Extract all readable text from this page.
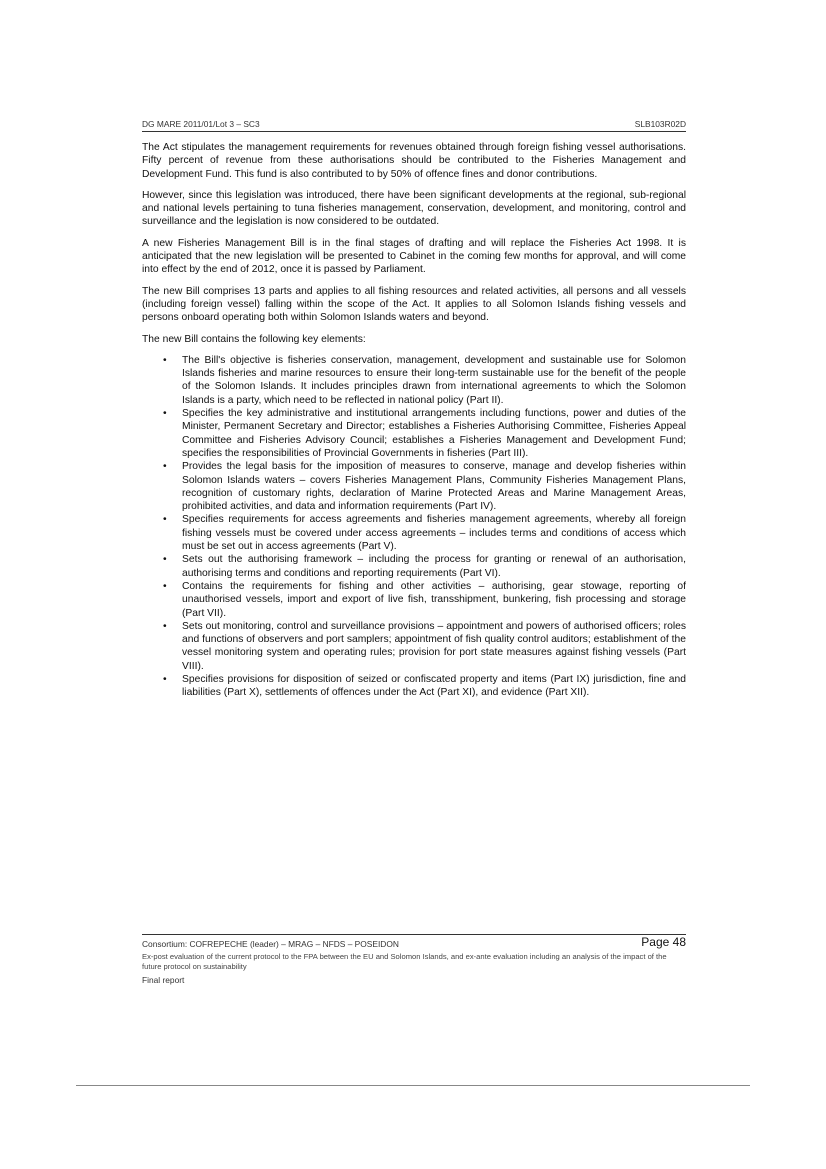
DG MARE 2011/01/Lot 3 – SC3	SLB103R02D

The Act stipulates the management requirements for revenues obtained through foreign fishing vessel authorisations. Fifty percent of revenue from these authorisations should be contributed to the Fisheries Management and Development Fund. This fund is also contributed to by 50% of offence fines and donor contributions.

However, since this legislation was introduced, there have been significant developments at the regional, sub-regional and national levels pertaining to tuna fisheries management, conservation, development, and monitoring, control and surveillance and the legislation is now considered to be outdated.

A new Fisheries Management Bill is in the final stages of drafting and will replace the Fisheries Act 1998. It is anticipated that the new legislation will be presented to Cabinet in the coming few months for approval, and will come into effect by the end of 2012, once it is passed by Parliament.

The new Bill comprises 13 parts and applies to all fishing resources and related activities, all persons and all vessels (including foreign vessel) falling within the scope of the Act. It applies to all Solomon Islands fishing vessels and persons onboard operating both within Solomon Islands waters and beyond.

The new Bill contains the following key elements:

• The Bill's objective is fisheries conservation, management, development and sustainable use for Solomon Islands fisheries and marine resources to ensure their long-term sustainable use for the benefit of the people of the Solomon Islands. It includes principles drawn from international agreements to which the Solomon Islands is a party, which need to be reflected in national policy (Part II).
• Specifies the key administrative and institutional arrangements including functions, power and duties of the Minister, Permanent Secretary and Director; establishes a Fisheries Authorising Committee, Fisheries Appeal Committee and Fisheries Advisory Council; establishes a Fisheries Management and Development Fund; specifies the responsibilities of Provincial Governments in fisheries (Part III).
• Provides the legal basis for the imposition of measures to conserve, manage and develop fisheries within Solomon Islands waters – covers Fisheries Management Plans, Community Fisheries Management Plans, recognition of customary rights, declaration of Marine Protected Areas and Marine Management Areas, prohibited activities, and data and information requirements (Part IV).
• Specifies requirements for access agreements and fisheries management agreements, whereby all foreign fishing vessels must be covered under access agreements – includes terms and conditions of access which must be set out in access agreements (Part V).
• Sets out the authorising framework – including the process for granting or renewal of an authorisation, authorising terms and conditions and reporting requirements (Part VI).
• Contains the requirements for fishing and other activities – authorising, gear stowage, reporting of unauthorised vessels, import and export of live fish, transshipment, bunkering, fish processing and storage (Part VII).
• Sets out monitoring, control and surveillance provisions – appointment and powers of authorised officers; roles and functions of observers and port samplers; appointment of fish quality control auditors; establishment of the vessel monitoring system and operating rules; provision for port state measures against fishing vessels (Part VIII).
• Specifies provisions for disposition of seized or confiscated property and items (Part IX) jurisdiction, fine and liabilities (Part X), settlements of offences under the Act (Part XI), and evidence (Part XII).
Consortium: COFREPECHE (leader) – MRAG – NFDS – POSEIDON	Page 48
Ex-post evaluation of the current protocol to the FPA between the EU and Solomon Islands, and ex-ante evaluation including an analysis of the impact of the future protocol on sustainability
Final report
